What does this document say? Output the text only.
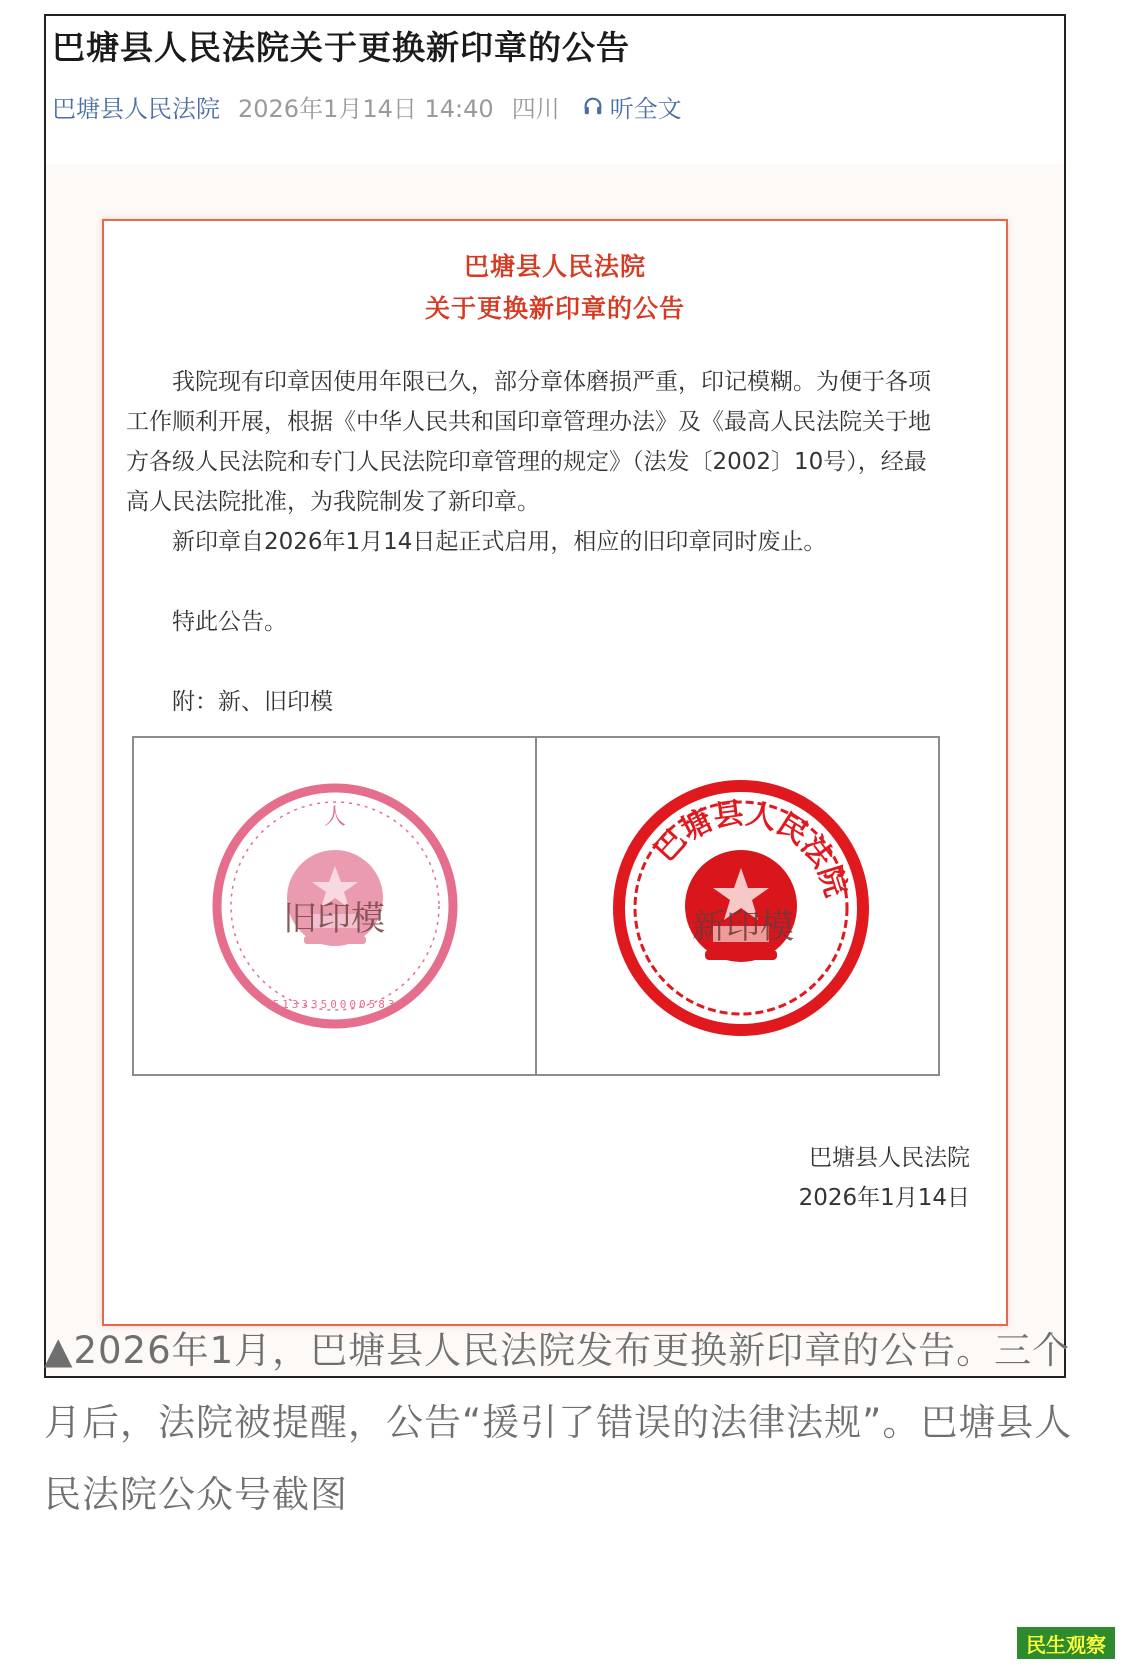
巴塘县人民法院关于更换新印章的公告
巴塘县人民法院 2026年1月14日 14:40 四川 听全文
巴塘县人民法院
关于更换新印章的公告

我院现有印章因使用年限已久，部分章体磨损严重，印记模糊。为便于各项工作顺利开展，根据《中华人民共和国印章管理办法》及《最高人民法院关于地方各级人民法院和专门人民法院印章管理的规定》（法发〔2002〕10号），经最高人民法院批准，为我院制发了新印章。

新印章自2026年1月14日起正式启用，相应的旧印章同时废止。

特此公告。
附：新、旧印模
5133350000583
人
旧印模
巴塘县人民法院
新印模
巴塘县人民法院
2026年1月14日
▲2026年1月，巴塘县人民法院发布更换新印章的公告。三个月后，法院被提醒，公告“援引了错误的法律法规”。巴塘县人民法院公众号截图
民生观察
